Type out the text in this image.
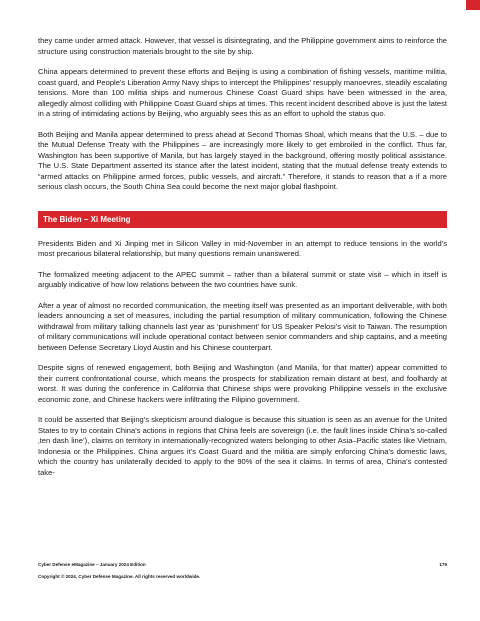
they came under armed attack. However, that vessel is disintegrating, and the Philippine government aims to reinforce the structure using construction materials brought to the site by ship.

China appears determined to prevent these efforts and Beijing is using a combination of fishing vessels, maritime militia, coast guard, and People’s Liberation Army Navy ships to intercept the Philippines’ resupply manoevres, steadily escalating tensions. More than 100 militia ships and numerous Chinese Coast Guard ships have been witnessed in the area, allegedly almost colliding with Philippine Coast Guard ships at times. This recent incident described above is just the latest in a string of intimidating actions by Beijing, who arguably sees this as an effort to uphold the status quo.

Both Beijing and Manila appear determined to press ahead at Second Thomas Shoal, which means that the U.S. – due to the Mutual Defense Treaty with the Philippines – are increasingly more likely to get embroiled in the conflict. Thus far, Washington has been supportive of Manila, but has largely stayed in the background, offering mostly political assistance. The U.S. State Department asserted its stance after the latest incident, stating that the mutual defense treaty extends to “armed attacks on Philippine armed forces, public vessels, and aircraft.” Therefore, it stands to reason that a if a more serious clash occurs, the South China Sea could become the next major global flashpoint.

The Biden – Xi Meeting

Presidents Biden and Xi Jinping met in Silicon Valley in mid-November in an attempt to reduce tensions in the world’s most precarious bilateral relationship, but many questions remain unanswered.

The formalized meeting adjacent to the APEC summit – rather than a bilateral summit or state visit – which in itself is arguably indicative of how low relations between the two countries have sunk.

After a year of almost no recorded communication, the meeting itself was presented as an important deliverable, with both leaders announcing a set of measures, including the partial resumption of military communication, following the Chinese withdrawal from military talking channels last year as ‘punishment’ for US Speaker Pelosi’s visit to Taiwan. The resumption of military communications will include operational contact between senior commanders and ship captains, and a meeting between Defense Secretary Lloyd Austin and his Chinese counterpart.

Despite signs of renewed engagement, both Beijing and Washington (and Manila, for that matter) appear committed to their current confrontational course, which means the prospects for stabilization remain distant at best, and foolhardy at worst. It was during the conference in California that Chinese ships were provoking Philippine vessels in the exclusive economic zone, and Chinese hackers were infiltrating the Filipino government.

It could be asserted that Beijing’s skepticism around dialogue is because this situation is seen as an avenue for the United States to try to contain China’s actions in regions that China feels are sovereign (i.e. the fault lines inside China’s so-called ‚ten dash line’), claims on territory in internationally-recognized waters belonging to other Asia–Pacific states like Vietnam, Indonesia or the Philippines. China argues it’s Coast Guard and the militia are simply enforcing China’s domestic laws, which the country has unilaterally decided to apply to the 90% of the sea it claims. In terms of area, China’s contested take-

Cyber Defense eMagazine – January 2024 Edition	179
Copyright © 2024, Cyber Defense Magazine. All rights reserved worldwide.
